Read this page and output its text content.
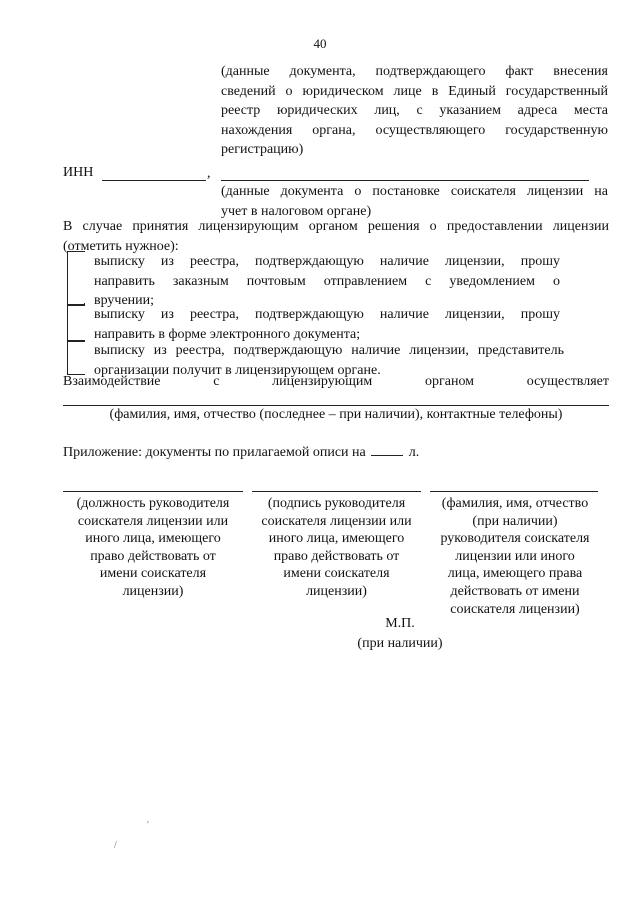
40
(данные документа, подтверждающего факт внесения
сведений о юридическом лице в Единый государственный
реестр юридических лиц, с указанием адреса места
нахождения органа, осуществляющего государственную
регистрацию)
ИНН	,
(данные документа о постановке соискателя лицензии на
учет в налоговом органе)
В случае принятия лицензирующим органом решения о предоставлении лицензии
(отметить нужное):
выписку из реестра, подтверждающую наличие лицензии, прошу
направить заказным почтовым отправлением с уведомлением о
вручении;
выписку из реестра, подтверждающую наличие лицензии, прошу
направить в форме электронного документа;
выписку из реестра, подтверждающую наличие лицензии, представитель
организации получит в лицензирующем органе.
Взаимодействие с лицензирующим органом осуществляет
(фамилия, имя, отчество (последнее – при наличии), контактные телефоны)
Приложение: документы по прилагаемой описи на	л.
(должность руководителя
соискателя лицензии или
иного лица, имеющего
право действовать от
имени соискателя
лицензии)
(подпись руководителя
соискателя лицензии или
иного лица, имеющего
право действовать от
имени соискателя
лицензии)
(фамилия, имя, отчество
(при наличии)
руководителя соискателя
лицензии или иного
лица, имеющего права
действовать от имени
соискателя лицензии)
М.П.
(при наличии)
'
/
